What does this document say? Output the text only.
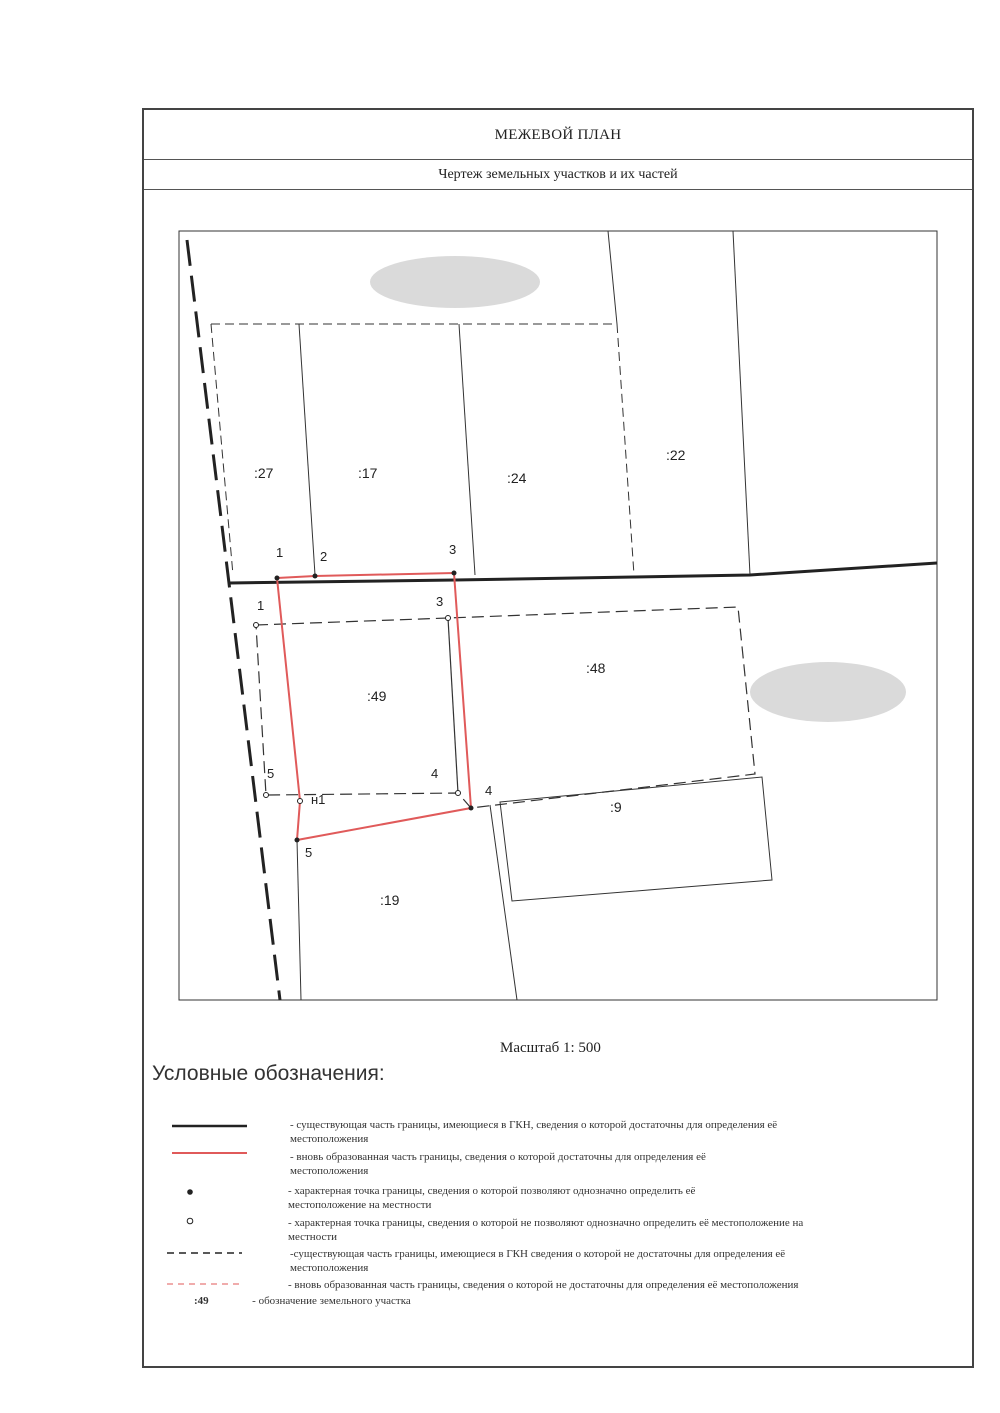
МЕЖЕВОЙ ПЛАН
Чертеж земельных участков и их частей
:27	:17	:24
:22
:49
:48
:9
:19
1	2	3
1	3
5	4
н1
4
5
Масштаб 1: 500
Условные обозначения:
- существующая часть границы, имеющиеся в ГКН, сведения о которой достаточны для определения её
местоположения
- вновь образованная часть границы, сведения о которой достаточны для определения её
местоположения
- характерная точка границы, сведения о которой позволяют однозначно определить её
местоположение на местности
- характерная точка границы, сведения о которой не позволяют однозначно определить её местоположение на
местности
-существующая часть границы, имеющиеся в ГКН сведения о которой не достаточны для определения её
местоположения
- вновь образованная часть границы, сведения о которой не достаточны для определения её местоположения
:49	- обозначение земельного участка
